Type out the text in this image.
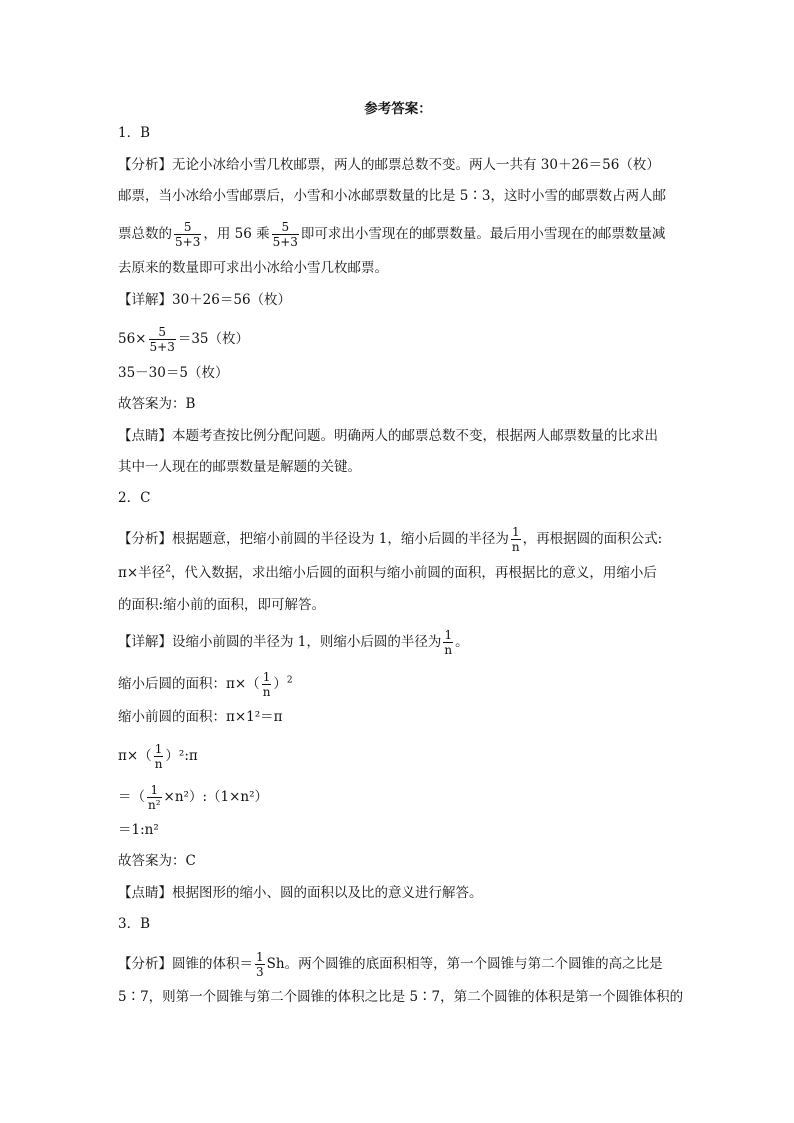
参考答案：
1．B
【分析】无论小冰给小雪几枚邮票，两人的邮票总数不变。两人一共有 30＋26＝56（枚）
邮票，当小冰给小雪邮票后，小雪和小冰邮票数量的比是 5∶3，这时小雪的邮票数占两人邮
票总数的 $\frac{5}{5+3}$ ，用 56 乘 $\frac{5}{5+3}$ 即可求出小雪现在的邮票数量。最后用小雪现在的邮票数量减
去原来的数量即可求出小冰给小雪几枚邮票。
【详解】30＋26＝56（枚）
$56\times \frac{5}{5+3} =35$（枚）
35－30＝5（枚）
故答案为：B
【点睛】本题考查按比例分配问题。明确两人的邮票总数不变，根据两人邮票数量的比求出
其中一人现在的邮票数量是解题的关键。
2．C
【分析】根据题意，把缩小前圆的半径设为 1，缩小后圆的半径为 $\frac{1}{n}$ ，再根据圆的面积公式:
π×半径$^2$，代入数据，求出缩小后圆的面积与缩小前圆的面积，再根据比的意义，用缩小后
的面积:缩小前的面积，即可解答。
【详解】设缩小前圆的半径为 1，则缩小后圆的半径为 $\frac{1}{n}$ 。
缩小后圆的面积：$\pi\times( \frac{1}{n} )^2$
缩小前圆的面积：π×1²＝π
$\pi\times( \frac{1}{n}$ ）²:π
＝（ $\frac{1}{\text{n²}}$ ×n²）:（1×n²）
＝1:n²
故答案为：C
【点睛】根据图形的缩小、圆的面积以及比的意义进行解答。
3．B
【分析】圆锥的体积＝ $\frac{1}{3}$ Sh。两个圆锥的底面积相等，第一个圆锥与第二个圆锥的高之比是
5∶7，则第一个圆锥与第二个圆锥的体积之比是 5∶7，第二个圆锥的体积是第一个圆锥体积的
